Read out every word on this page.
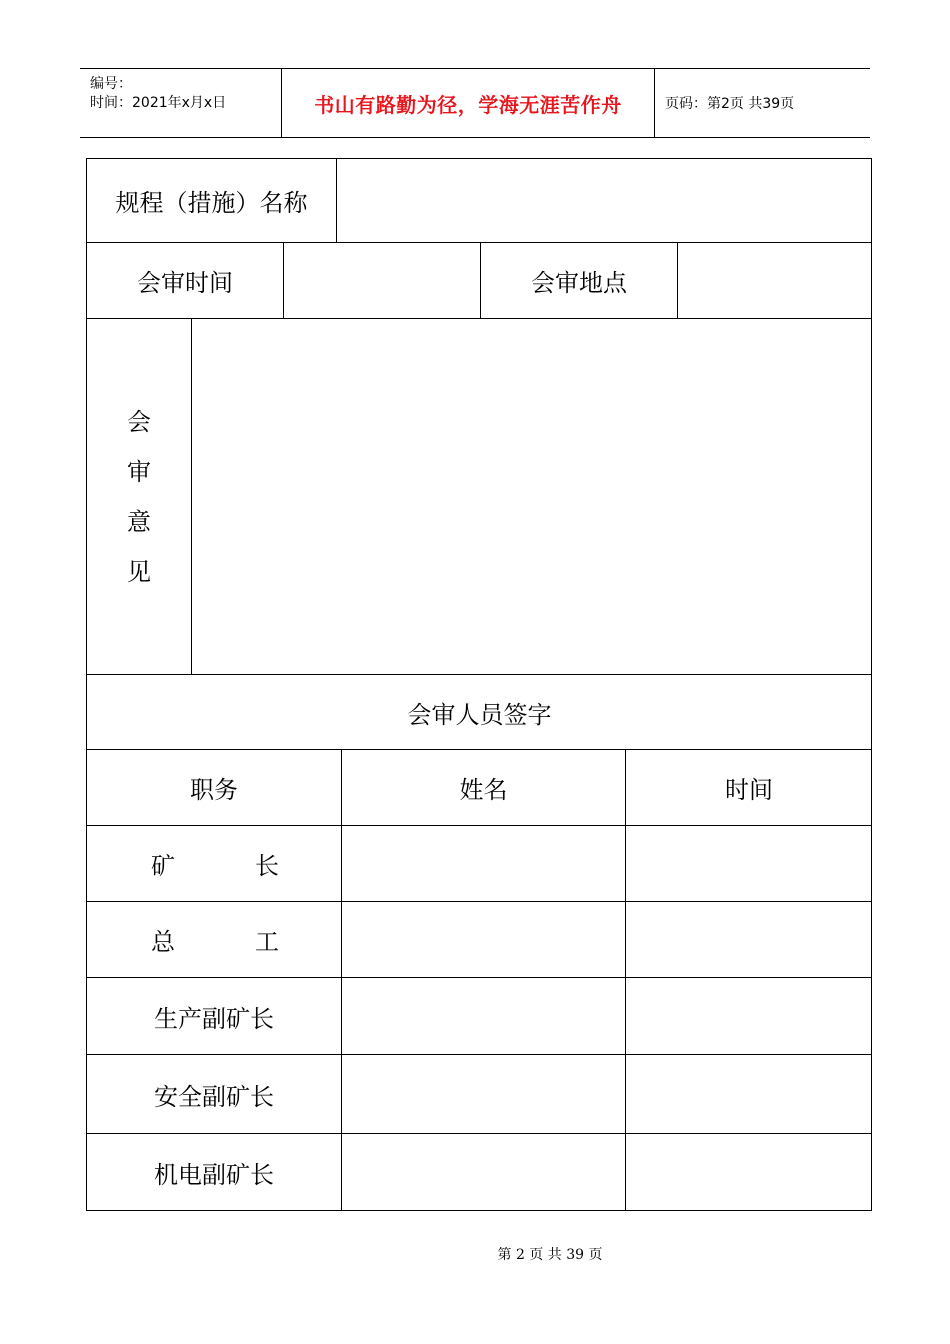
编号：
时间：2021年x月x日	书山有路勤为径，学海无涯苦作舟	页码：第2页 共39页
规程（措施）名称
会审时间	会审地点
会
审
意
见
会审人员签字
职务	姓名	时间
矿	长
总	工
生产副矿长
安全副矿长
机电副矿长
第 2 页 共 39 页
